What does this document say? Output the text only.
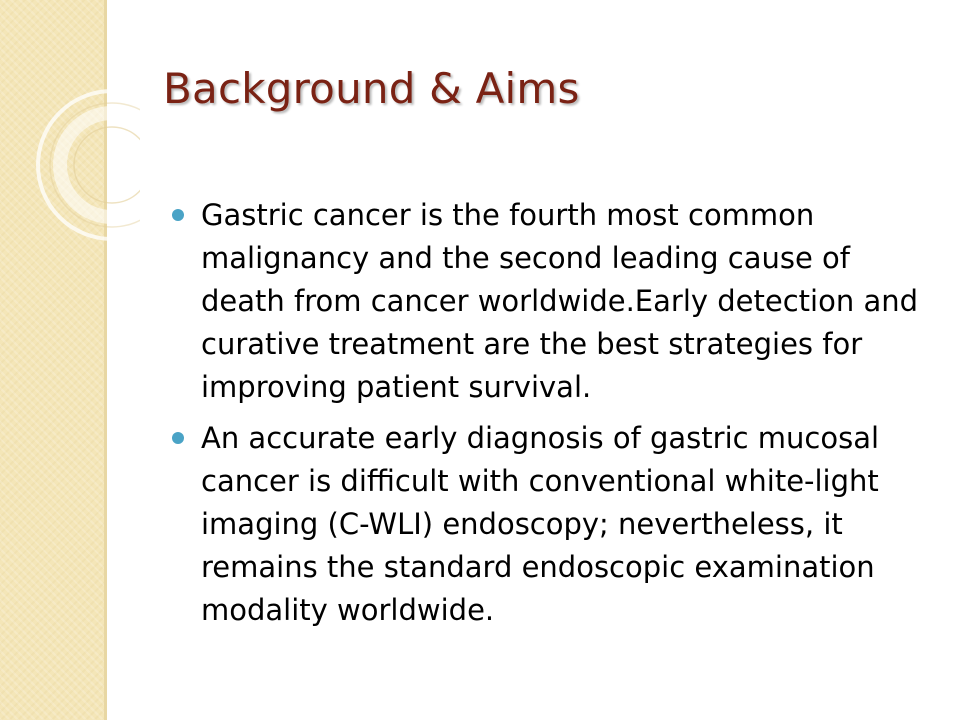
Background & Aims
Gastric cancer is the fourth most common malignancy and the second leading cause of death from cancer worldwide.Early detection and curative treatment are the best strategies for improving patient survival.
An accurate early diagnosis of gastric mucosal cancer is difficult with conventional white-light imaging (C-WLI) endoscopy; nevertheless, it remains the standard endoscopic examination modality worldwide.
